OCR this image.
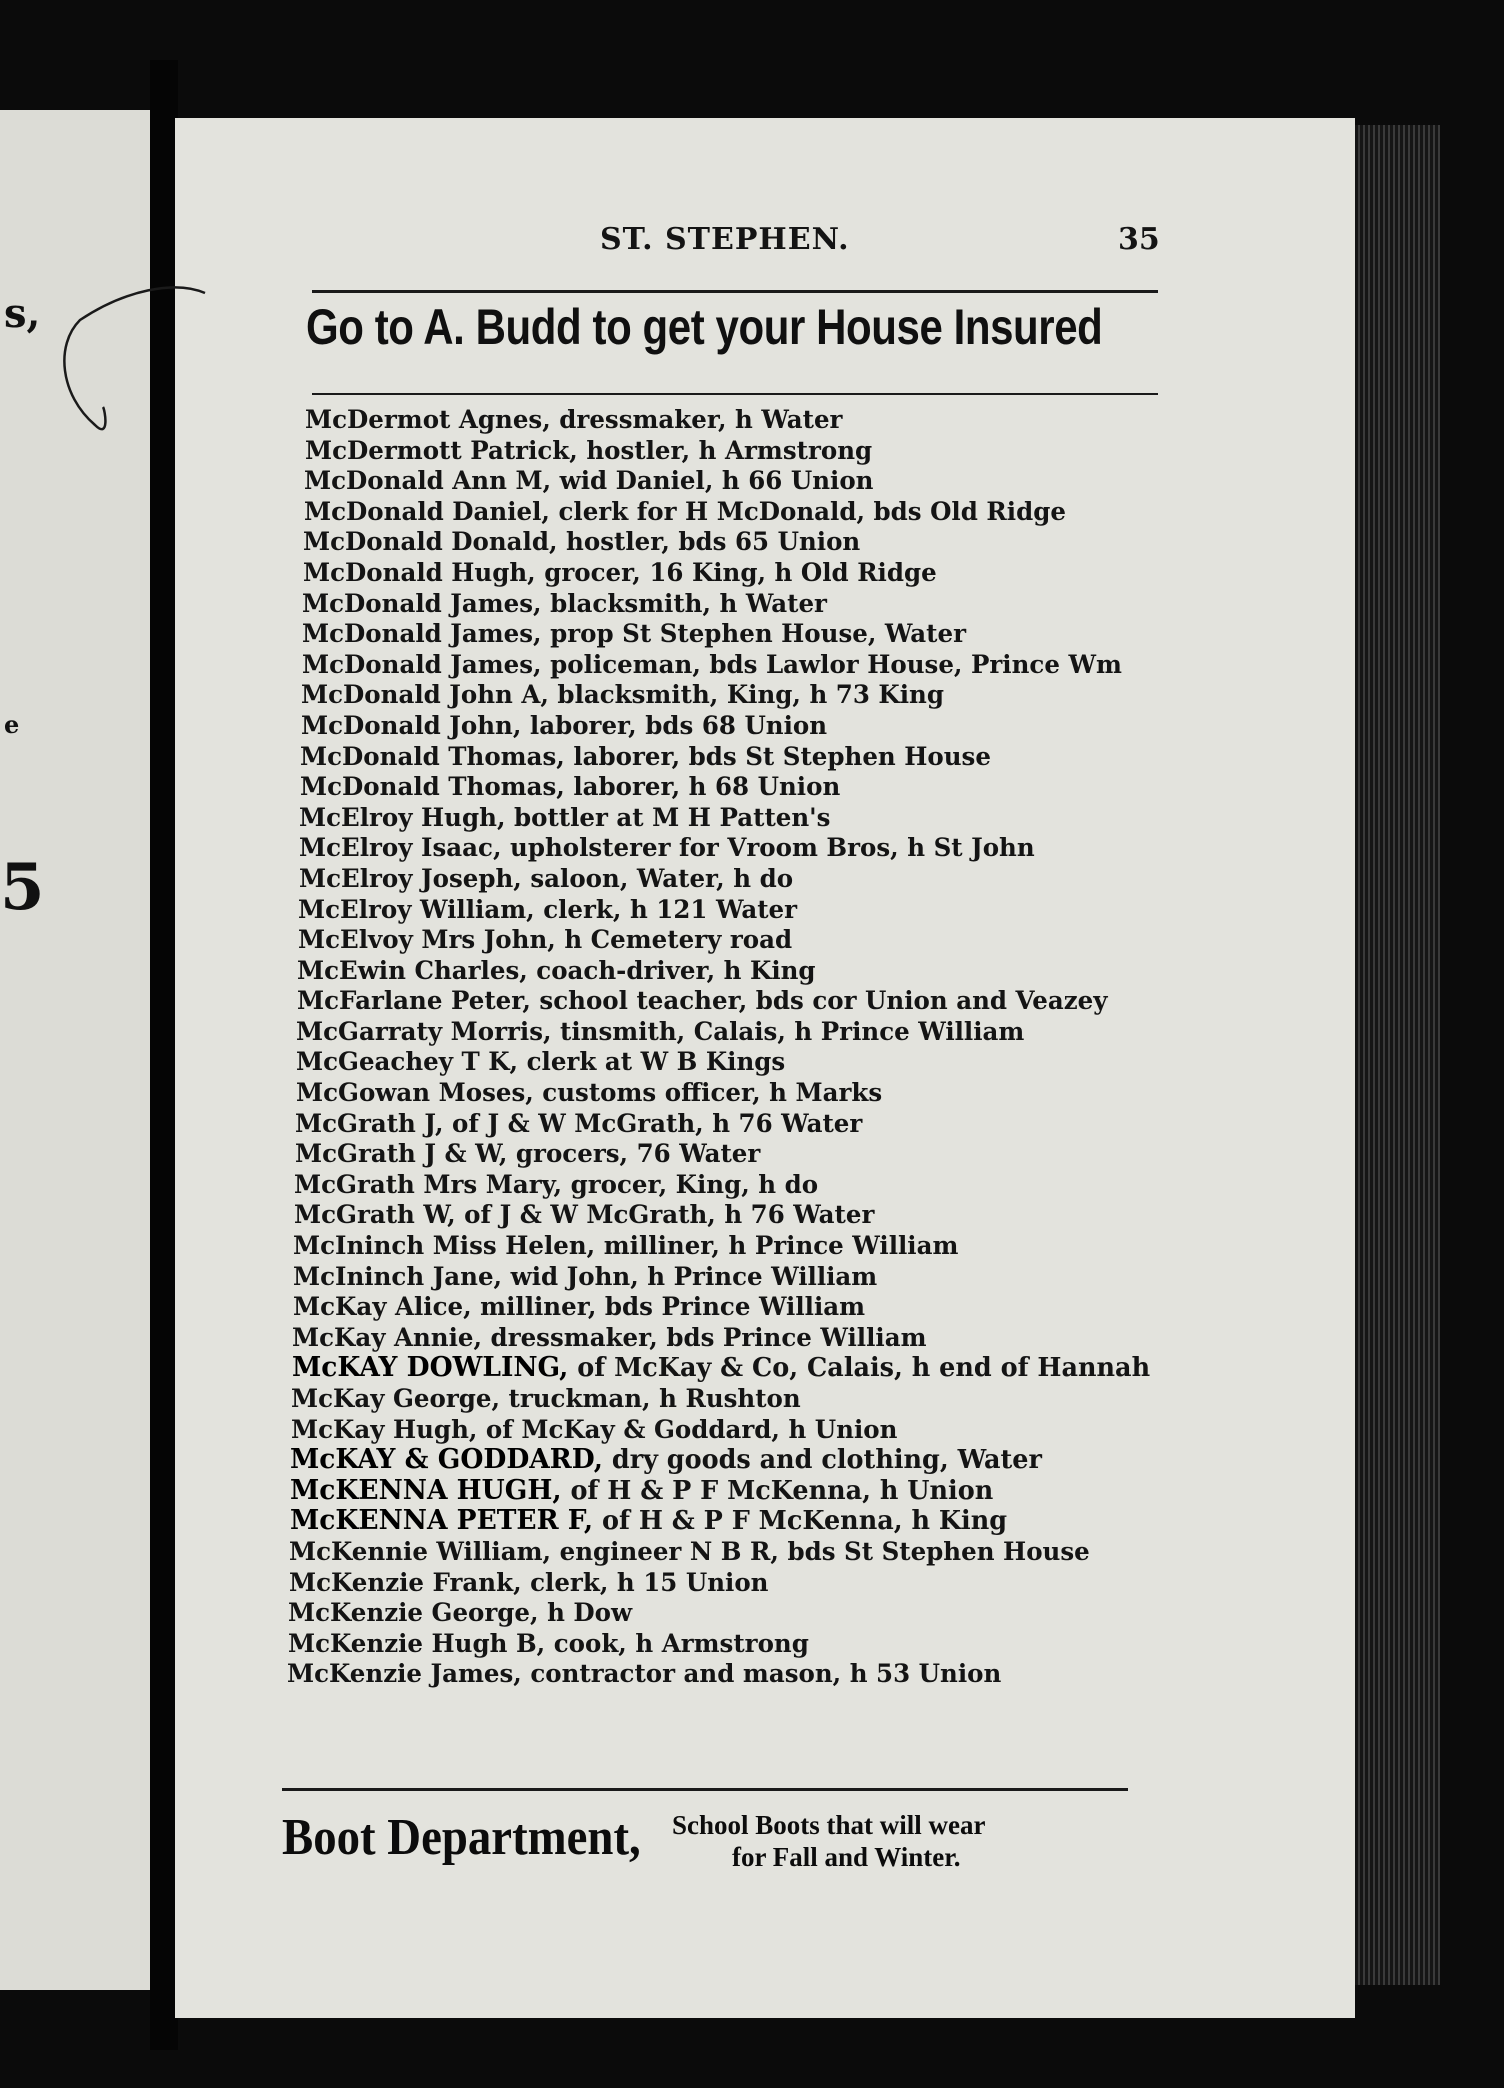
s,
e
5
ST. STEPHEN.	35
Go to A. Budd to get your House Insured
McDermot Agnes, dressmaker, h Water
McDermott Patrick, hostler, h Armstrong
McDonald Ann M, wid Daniel, h 66 Union
McDonald Daniel, clerk for H McDonald, bds Old Ridge
McDonald Donald, hostler, bds 65 Union
McDonald Hugh, grocer, 16 King, h Old Ridge
McDonald James, blacksmith, h Water
McDonald James, prop St Stephen House, Water
McDonald James, policeman, bds Lawlor House, Prince Wm
McDonald John A, blacksmith, King, h 73 King
McDonald John, laborer, bds 68 Union
McDonald Thomas, laborer, bds St Stephen House
McDonald Thomas, laborer, h 68 Union
McElroy Hugh, bottler at M H Patten's
McElroy Isaac, upholsterer for Vroom Bros, h St John
McElroy Joseph, saloon, Water, h do
McElroy William, clerk, h 121 Water
McElvoy Mrs John, h Cemetery road
McEwin Charles, coach-driver, h King
McFarlane Peter, school teacher, bds cor Union and Veazey
McGarraty Morris, tinsmith, Calais, h Prince William
McGeachey T K, clerk at W B Kings
McGowan Moses, customs officer, h Marks
McGrath J, of J & W McGrath, h 76 Water
McGrath J & W, grocers, 76 Water
McGrath Mrs Mary, grocer, King, h do
McGrath W, of J & W McGrath, h 76 Water
McIninch Miss Helen, milliner, h Prince William
McIninch Jane, wid John, h Prince William
McKay Alice, milliner, bds Prince William
McKay Annie, dressmaker, bds Prince William
McKAY DOWLING, of McKay & Co, Calais, h end of Hannah
McKay George, truckman, h Rushton
McKay Hugh, of McKay & Goddard, h Union
McKAY & GODDARD, dry goods and clothing, Water
McKENNA HUGH, of H & P F McKenna, h Union
McKENNA PETER F, of H & P F McKenna, h King
McKennie William, engineer N B R, bds St Stephen House
McKenzie Frank, clerk, h 15 Union
McKenzie George, h Dow
McKenzie Hugh B, cook, h Armstrong
McKenzie James, contractor and mason, h 53 Union
Boot Department, School Boots that will wear
for Fall and Winter.
